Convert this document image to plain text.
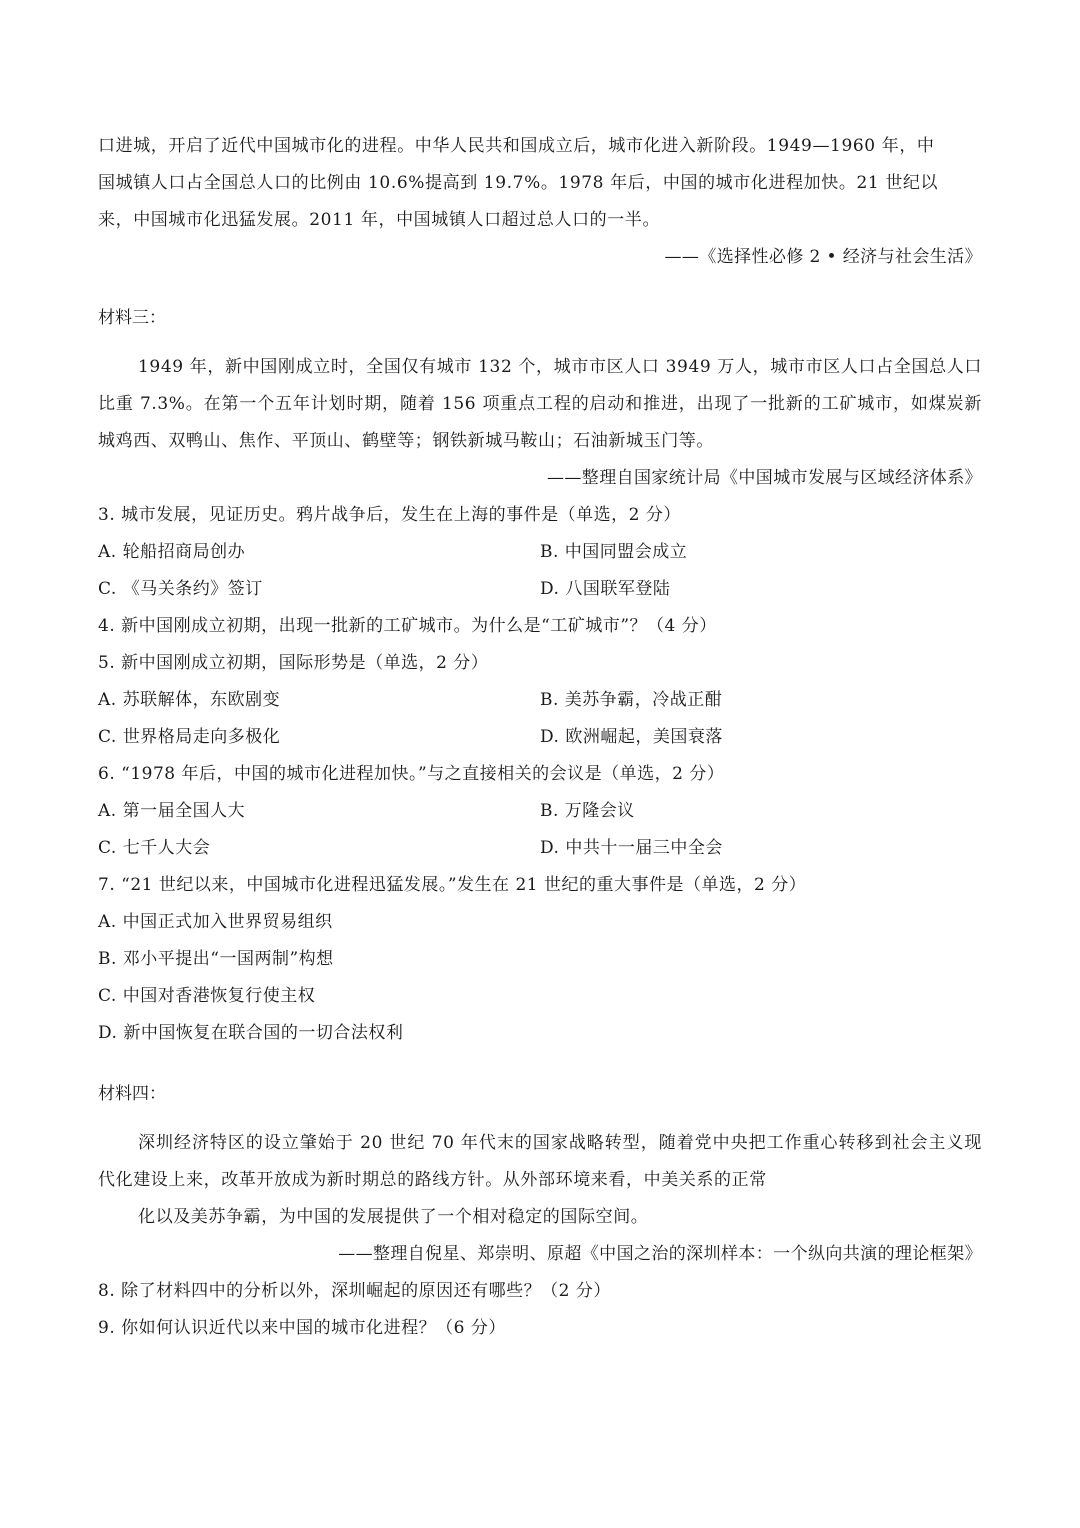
口进城，开启了近代中国城市化的进程。中华人民共和国成立后，城市化进入新阶段。1949—1960 年，中

国城镇人口占全国总人口的比例由 10.6%提高到 19.7%。1978 年后，中国的城市化进程加快。21 世纪以

来，中国城市化迅猛发展。2011 年，中国城镇人口超过总人口的一半。

——《选择性必修 2 • 经济与社会生活》

材料三：

1949 年，新中国刚成立时，全国仅有城市 132 个，城市市区人口 3949 万人，城市市区人口占全国总人口比重 7.3%。在第一个五年计划时期，随着 156 项重点工程的启动和推进，出现了一批新的工矿城市，如煤炭新城鸡西、双鸭山、焦作、平顶山、鹤壁等；钢铁新城马鞍山；石油新城玉门等。

——整理自国家统计局《中国城市发展与区域经济体系》

3. 城市发展，见证历史。鸦片战争后，发生在上海的事件是（单选，2 分）

A. 轮船招商局创办	B. 中国同盟会成立
C. 《马关条约》签订	D. 八国联军登陆

4. 新中国刚成立初期，出现一批新的工矿城市。为什么是“工矿城市”？（4 分）

5. 新中国刚成立初期，国际形势是（单选，2 分）

A. 苏联解体，东欧剧变	B. 美苏争霸，冷战正酣
C. 世界格局走向多极化	D. 欧洲崛起，美国衰落

6. “1978 年后，中国的城市化进程加快。”与之直接相关的会议是（单选，2 分）

A. 第一届全国人大	B. 万隆会议
C. 七千人大会	D. 中共十一届三中全会

7. “21 世纪以来，中国城市化进程迅猛发展。”发生在 21 世纪的重大事件是（单选，2 分）

A. 中国正式加入世界贸易组织
B. 邓小平提出“一国两制”构想
C. 中国对香港恢复行使主权
D. 新中国恢复在联合国的一切合法权利

材料四：

深圳经济特区的设立肇始于 20 世纪 70 年代末的国家战略转型，随着党中央把工作重心转移到社会主义现代化建设上来，改革开放成为新时期总的路线方针。从外部环境来看，中美关系的正常

化以及美苏争霸，为中国的发展提供了一个相对稳定的国际空间。

——整理自倪星、郑崇明、原超《中国之治的深圳样本：一个纵向共演的理论框架》

8. 除了材料四中的分析以外，深圳崛起的原因还有哪些？（2 分）

9. 你如何认识近代以来中国的城市化进程？（6 分）
